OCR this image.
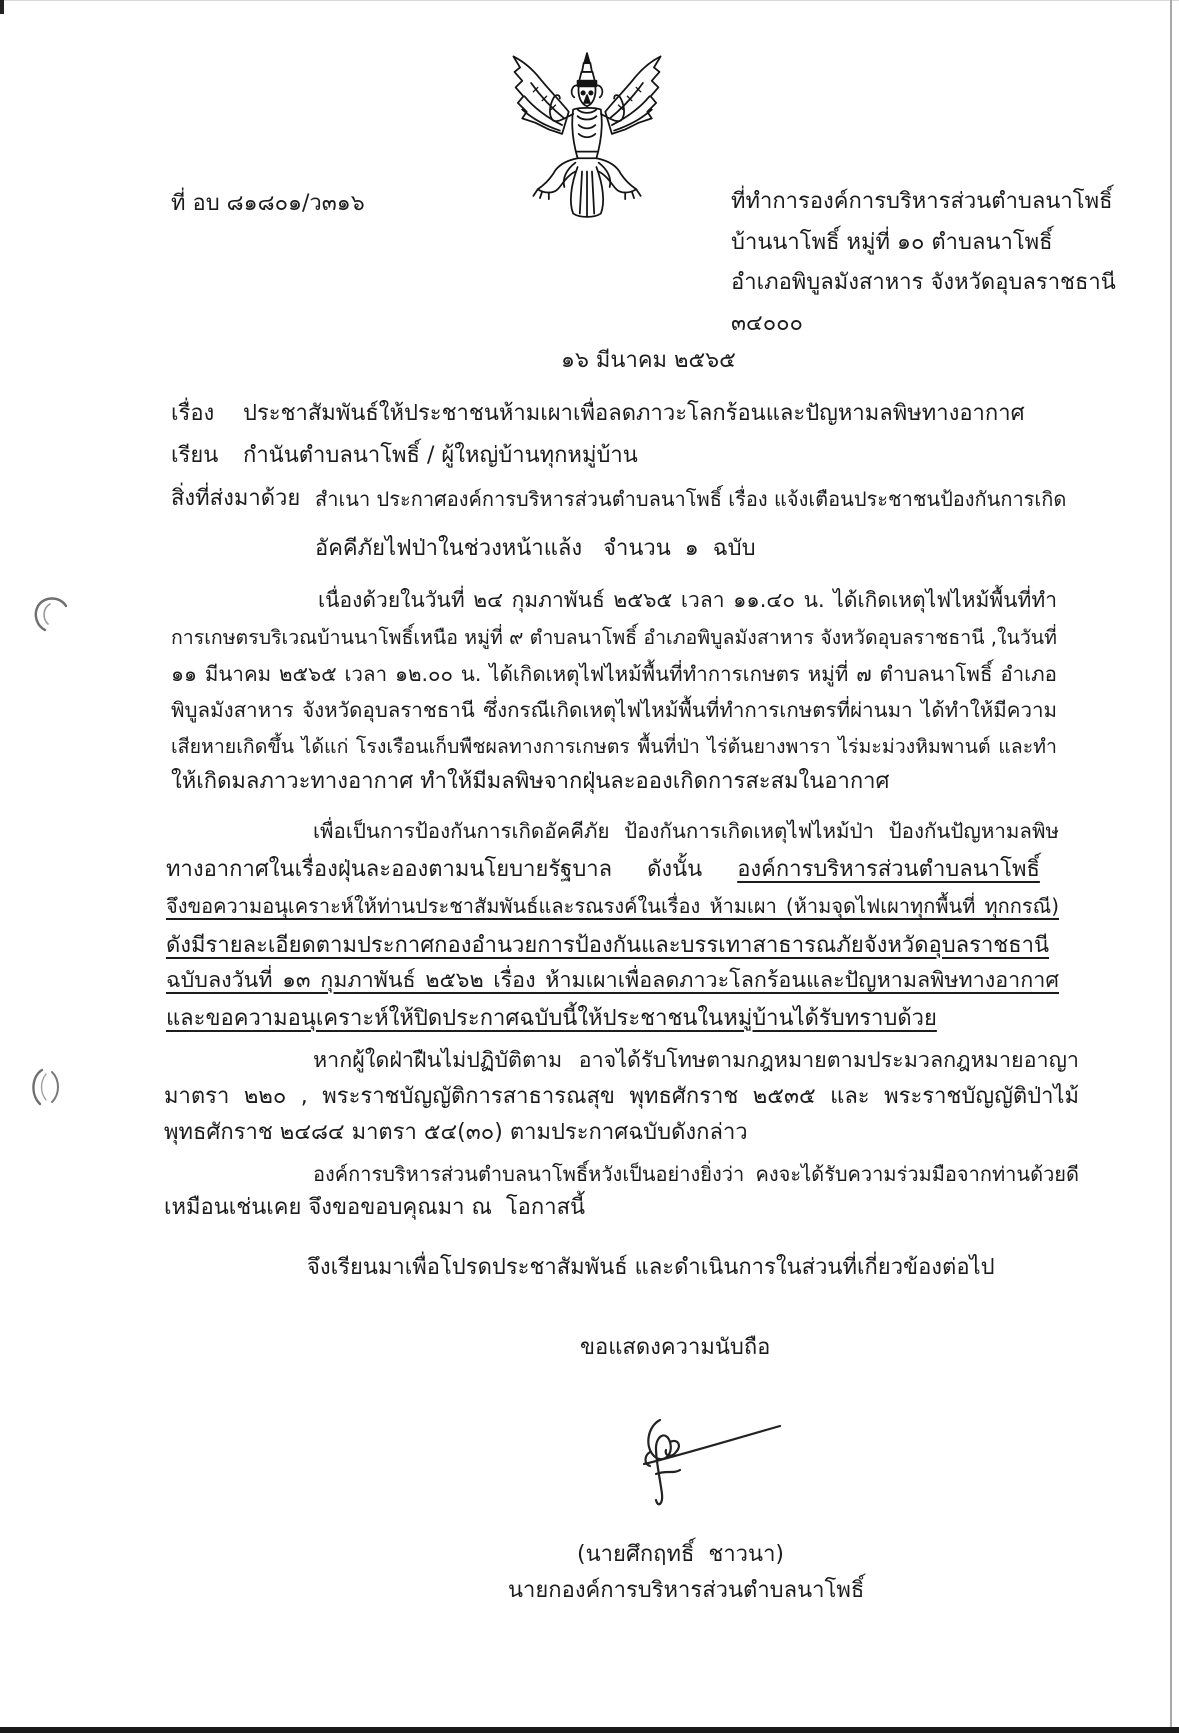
ที่ อบ ๘๑๘๐๑/ว๓๑๖	ที่ทำการองค์การบริหารส่วนตำบลนาโพธิ์
บ้านนาโพธิ์ หมู่ที่ ๑๐ ตำบลนาโพธิ์
อำเภอพิบูลมังสาหาร จังหวัดอุบลราชธานี
๓๔๐๐๐
๑๖ มีนาคม ๒๕๖๕
เรื่อง	ประชาสัมพันธ์ให้ประชาชนห้ามเผาเพื่อลดภาวะโลกร้อนและปัญหามลพิษทางอากาศ
เรียน	กำนันตำบลนาโพธิ์ / ผู้ใหญ่บ้านทุกหมู่บ้าน
สิ่งที่ส่งมาด้วย สำเนา ประกาศองค์การบริหารส่วนตำบลนาโพธิ์ เรื่อง แจ้งเตือนประชาชนป้องกันการเกิด
อัคคีภัยไฟป่าในช่วงหน้าแล้ง   จำนวน  ๑  ฉบับ
เนื่องด้วยในวันที่ ๒๔ กุมภาพันธ์ ๒๕๖๕ เวลา ๑๑.๔๐ น. ได้เกิดเหตุไฟไหม้พื้นที่ทำ
การเกษตรบริเวณบ้านนาโพธิ์เหนือ หมู่ที่ ๙ ตำบลนาโพธิ์ อำเภอพิบูลมังสาหาร จังหวัดอุบลราชธานี ,ในวันที่
๑๑ มีนาคม ๒๕๖๕ เวลา ๑๒.๐๐ น. ได้เกิดเหตุไฟไหม้พื้นที่ทำการเกษตร หมู่ที่ ๗ ตำบลนาโพธิ์ อำเภอ
พิบูลมังสาหาร จังหวัดอุบลราชธานี ซึ่งกรณีเกิดเหตุไฟไหม้พื้นที่ทำการเกษตรที่ผ่านมา ได้ทำให้มีความ
เสียหายเกิดขึ้น ได้แก่ โรงเรือนเก็บพืชผลทางการเกษตร พื้นที่ป่า ไร่ต้นยางพารา ไร่มะม่วงหิมพานต์ และทำ
ให้เกิดมลภาวะทางอากาศ ทำให้มีมลพิษจากฝุ่นละอองเกิดการสะสมในอากาศ
เพื่อเป็นการป้องกันการเกิดอัคคีภัย ป้องกันการเกิดเหตุไฟไหม้ป่า ป้องกันปัญหามลพิษ
ทางอากาศในเรื่องฝุ่นละอองตามนโยบายรัฐบาล ดังนั้น องค์การบริหารส่วนตำบลนาโพธิ์
จึงขอความอนุเคราะห์ให้ท่านประชาสัมพันธ์และรณรงค์ในเรื่อง ห้ามเผา (ห้ามจุดไฟเผาทุกพื้นที่ ทุกกรณี)
ดังมีรายละเอียดตามประกาศกองอำนวยการป้องกันและบรรเทาสาธารณภัยจังหวัดอุบลราชธานี
ฉบับลงวันที่ ๑๓ กุมภาพันธ์ ๒๕๖๒ เรื่อง ห้ามเผาเพื่อลดภาวะโลกร้อนและปัญหามลพิษทางอากาศ
และขอความอนุเคราะห์ให้ปิดประกาศฉบับนี้ให้ประชาชนในหมู่บ้านได้รับทราบด้วย
หากผู้ใดฝ่าฝืนไม่ปฏิบัติตาม อาจได้รับโทษตามกฎหมายตามประมวลกฎหมายอาญา
มาตรา ๒๒๐ , พระราชบัญญัติการสาธารณสุข พุทธศักราช ๒๕๓๕ และ พระราชบัญญัติป่าไม้
พุทธศักราช ๒๔๘๔ มาตรา ๕๔(๓๐) ตามประกาศฉบับดังกล่าว
องค์การบริหารส่วนตำบลนาโพธิ์หวังเป็นอย่างยิ่งว่า คงจะได้รับความร่วมมือจากท่านด้วยดี
เหมือนเช่นเคย จึงขอขอบคุณมา ณ  โอกาสนี้
จึงเรียนมาเพื่อโปรดประชาสัมพันธ์ และดำเนินการในส่วนที่เกี่ยวข้องต่อไป
ขอแสดงความนับถือ
(นายศึกฤทธิ์  ชาวนา)
นายกองค์การบริหารส่วนตำบลนาโพธิ์
